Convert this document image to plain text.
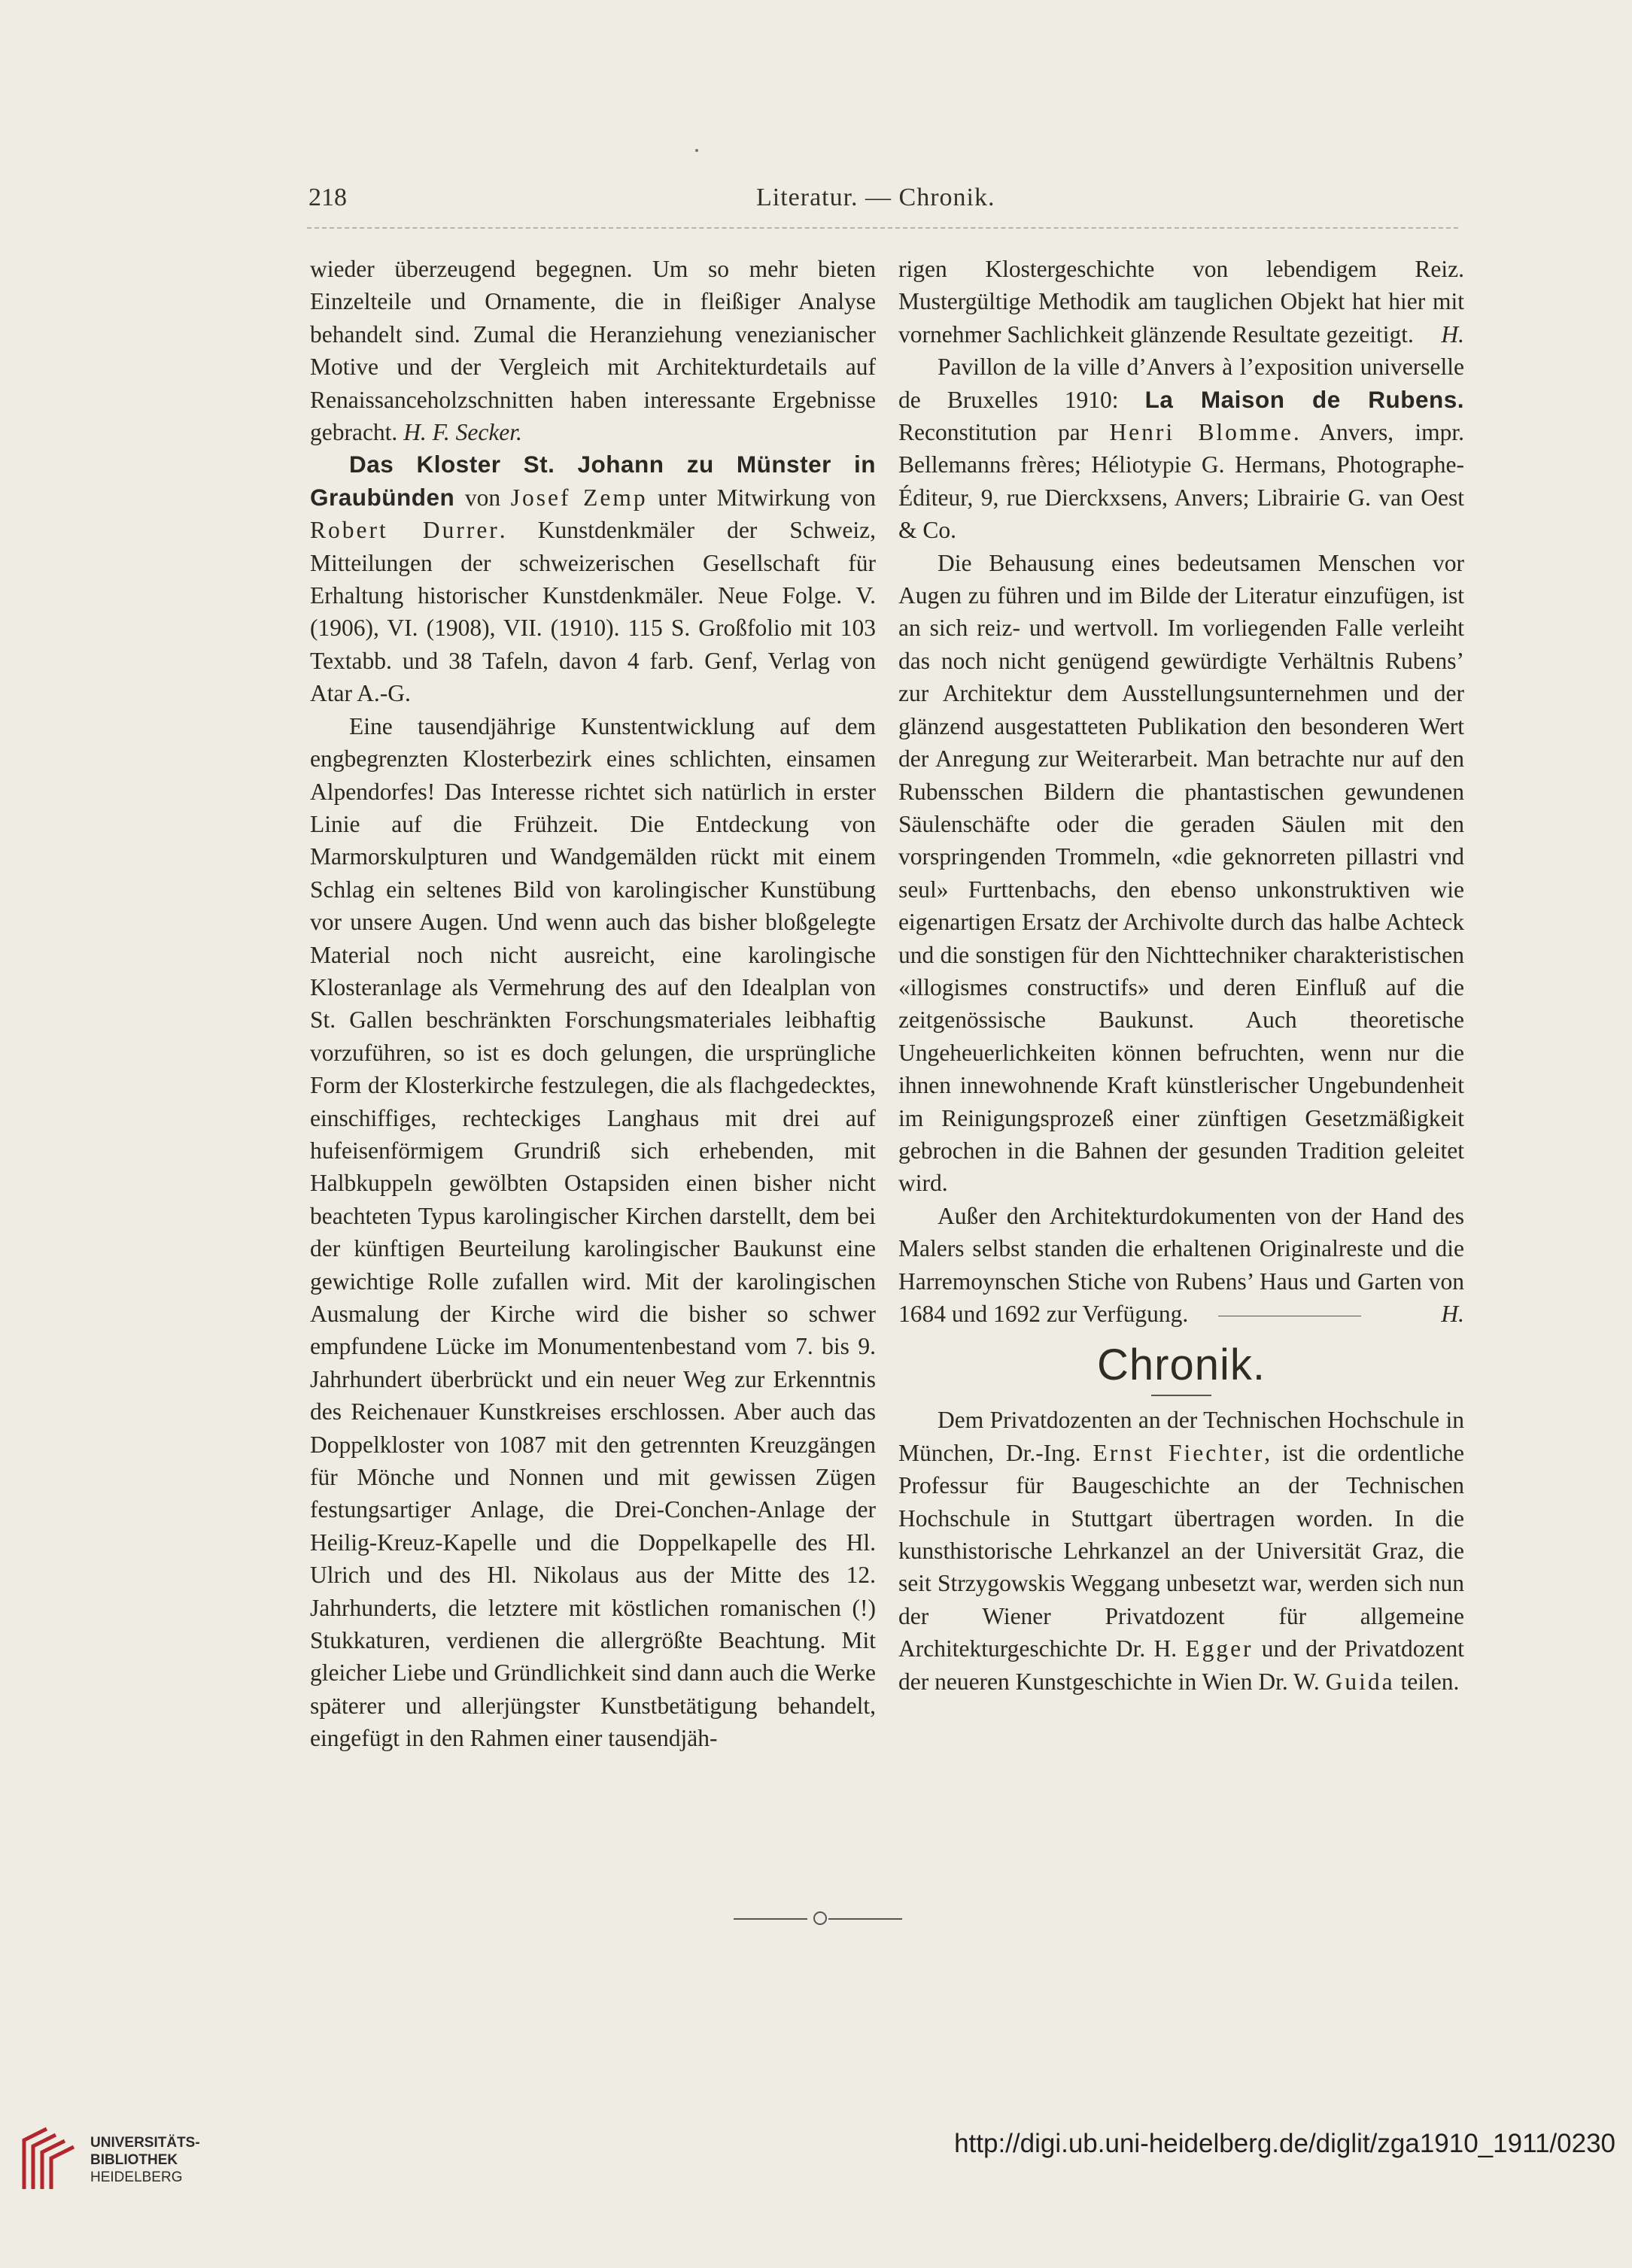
218	Literatur. — Chronik.

wieder überzeugend begegnen. Um so mehr bieten Einzelteile und Ornamente, die in fleißiger Analyse behandelt sind. Zumal die Heranziehung venezianischer Motive und der Vergleich mit Architekturdetails auf Renaissanceholzschnitten haben interessante Ergebnisse gebracht. H. F. Secker.

Das Kloster St. Johann zu Münster in Graubünden von Josef Zemp unter Mitwirkung von Robert Durrer. Kunstdenkmäler der Schweiz, Mitteilungen der schweizerischen Gesellschaft für Erhaltung historischer Kunstdenkmäler. Neue Folge. V. (1906), VI. (1908), VII. (1910). 115 S. Großfolio mit 103 Textabb. und 38 Tafeln, davon 4 farb. Genf, Verlag von Atar A.-G.

Eine tausendjährige Kunstentwicklung auf dem engbegrenzten Klosterbezirk eines schlichten, einsamen Alpendorfes! Das Interesse richtet sich natürlich in erster Linie auf die Frühzeit. Die Entdeckung von Marmorskulpturen und Wandgemälden rückt mit einem Schlag ein seltenes Bild von karolingischer Kunstübung vor unsere Augen. Und wenn auch das bisher bloßgelegte Material noch nicht ausreicht, eine karolingische Klosteranlage als Vermehrung des auf den Idealplan von St. Gallen beschränkten Forschungsmateriales leibhaftig vorzuführen, so ist es doch gelungen, die ursprüngliche Form der Klosterkirche festzulegen, die als flachgedecktes, einschiffiges, rechteckiges Langhaus mit drei auf hufeisenförmigem Grundriß sich erhebenden, mit Halbkuppeln gewölbten Ostapsiden einen bisher nicht beachteten Typus karolingischer Kirchen darstellt, dem bei der künftigen Beurteilung karolingischer Baukunst eine gewichtige Rolle zufallen wird. Mit der karolingischen Ausmalung der Kirche wird die bisher so schwer empfundene Lücke im Monumentenbestand vom 7. bis 9. Jahrhundert überbrückt und ein neuer Weg zur Erkenntnis des Reichenauer Kunstkreises erschlossen. Aber auch das Doppelkloster von 1087 mit den getrennten Kreuzgängen für Mönche und Nonnen und mit gewissen Zügen festungsartiger Anlage, die Drei-Conchen-Anlage der Heilig-Kreuz-Kapelle und die Doppelkapelle des Hl. Ulrich und des Hl. Nikolaus aus der Mitte des 12. Jahrhunderts, die letztere mit köstlichen romanischen (!) Stukkaturen, verdienen die allergrößte Beachtung. Mit gleicher Liebe und Gründlichkeit sind dann auch die Werke späterer und allerjüngster Kunstbetätigung behandelt, eingefügt in den Rahmen einer tausendjäh-

rigen Klostergeschichte von lebendigem Reiz. Mustergültige Methodik am tauglichen Objekt hat hier mit vornehmer Sachlichkeit glänzende Resultate gezeitigt. H.

Pavillon de la ville d’Anvers à l’exposition universelle de Bruxelles 1910: La Maison de Rubens. Reconstitution par Henri Blomme. Anvers, impr. Bellemanns frères; Héliotypie G. Hermans, Photographe-Éditeur, 9, rue Dierckxsens, Anvers; Librairie G. van Oest & Co.

Die Behausung eines bedeutsamen Menschen vor Augen zu führen und im Bilde der Literatur einzufügen, ist an sich reiz- und wertvoll. Im vorliegenden Falle verleiht das noch nicht genügend gewürdigte Verhältnis Rubens’ zur Architektur dem Ausstellungsunternehmen und der glänzend ausgestatteten Publikation den besonderen Wert der Anregung zur Weiterarbeit. Man betrachte nur auf den Rubensschen Bildern die phantastischen gewundenen Säulenschäfte oder die geraden Säulen mit den vorspringenden Trommeln, «die geknorreten pillastri vnd seul» Furttenbachs, den ebenso unkonstruktiven wie eigenartigen Ersatz der Archivolte durch das halbe Achteck und die sonstigen für den Nichttechniker charakteristischen «illogismes constructifs» und deren Einfluß auf die zeitgenössische Baukunst. Auch theoretische Ungeheuerlichkeiten können befruchten, wenn nur die ihnen innewohnende Kraft künstlerischer Ungebundenheit im Reinigungsprozeß einer zünftigen Gesetzmäßigkeit gebrochen in die Bahnen der gesunden Tradition geleitet wird.

Außer den Architekturdokumenten von der Hand des Malers selbst standen die erhaltenen Originalreste und die Harremoynschen Stiche von Rubens’ Haus und Garten von 1684 und 1692 zur Verfügung.	H.

Chronik.

Dem Privatdozenten an der Technischen Hochschule in München, Dr.-Ing. Ernst Fiechter, ist die ordentliche Professur für Baugeschichte an der Technischen Hochschule in Stuttgart übertragen worden. In die kunsthistorische Lehrkanzel an der Universität Graz, die seit Strzygowskis Weggang unbesetzt war, werden sich nun der Wiener Privatdozent für allgemeine Architekturgeschichte Dr. H. Egger und der Privatdozent der neueren Kunstgeschichte in Wien Dr. W. Guida teilen.

UNIVERSITÄTS-
BIBLIOTHEK
HEIDELBERG
http://digi.ub.uni-heidelberg.de/diglit/zga1910_1911/0230
